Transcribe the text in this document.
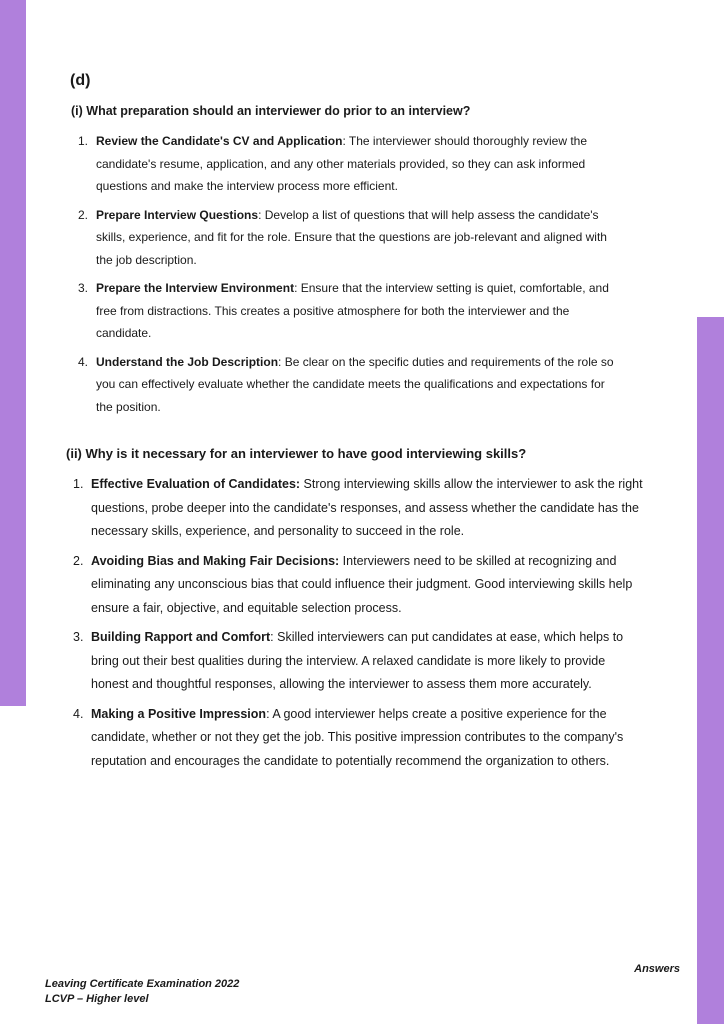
(d)
(i) What preparation should an interviewer do prior to an interview?
1. Review the Candidate's CV and Application: The interviewer should thoroughly review the candidate's resume, application, and any other materials provided, so they can ask informed questions and make the interview process more efficient.
2. Prepare Interview Questions: Develop a list of questions that will help assess the candidate's skills, experience, and fit for the role. Ensure that the questions are job-relevant and aligned with the job description.
3. Prepare the Interview Environment: Ensure that the interview setting is quiet, comfortable, and free from distractions. This creates a positive atmosphere for both the interviewer and the candidate.
4. Understand the Job Description: Be clear on the specific duties and requirements of the role so you can effectively evaluate whether the candidate meets the qualifications and expectations for the position.
(ii) Why is it necessary for an interviewer to have good interviewing skills?
1. Effective Evaluation of Candidates: Strong interviewing skills allow the interviewer to ask the right questions, probe deeper into the candidate's responses, and assess whether the candidate has the necessary skills, experience, and personality to succeed in the role.
2. Avoiding Bias and Making Fair Decisions: Interviewers need to be skilled at recognizing and eliminating any unconscious bias that could influence their judgment. Good interviewing skills help ensure a fair, objective, and equitable selection process.
3. Building Rapport and Comfort: Skilled interviewers can put candidates at ease, which helps to bring out their best qualities during the interview. A relaxed candidate is more likely to provide honest and thoughtful responses, allowing the interviewer to assess them more accurately.
4. Making a Positive Impression: A good interviewer helps create a positive experience for the candidate, whether or not they get the job. This positive impression contributes to the company's reputation and encourages the candidate to potentially recommend the organization to others.
Answers
Leaving Certificate Examination 2022
LCVP – Higher level
